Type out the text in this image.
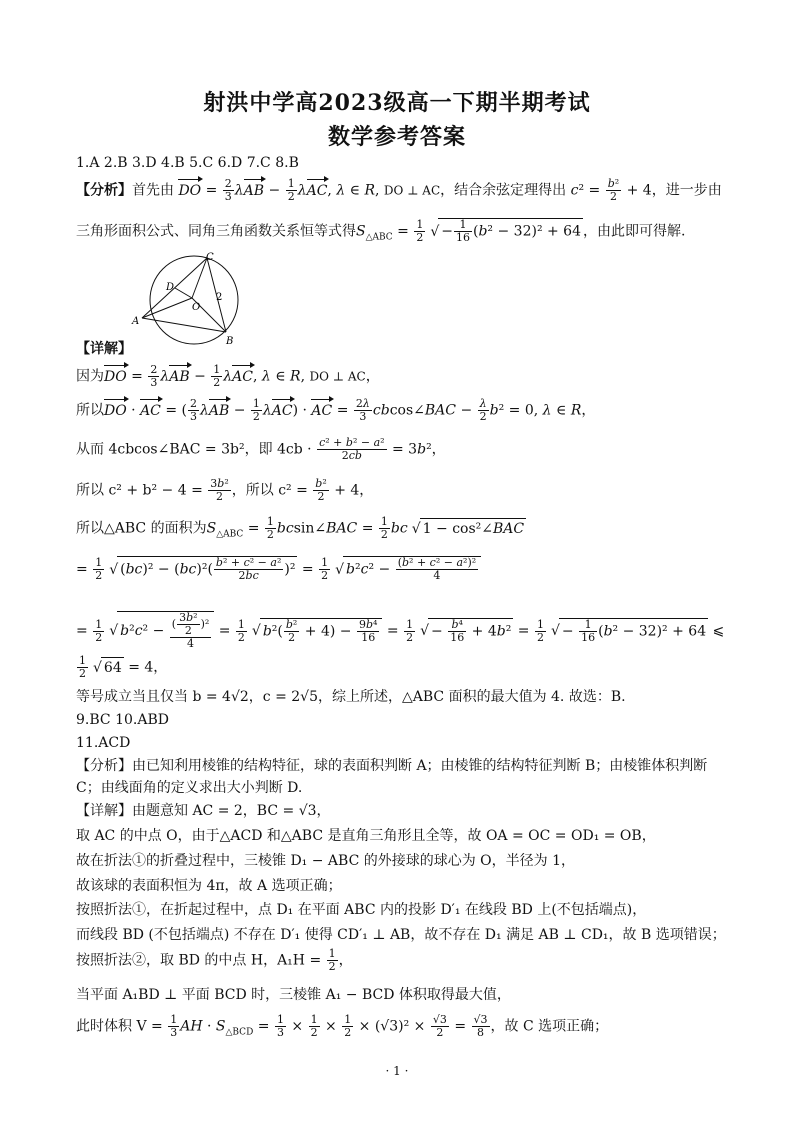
射洪中学高2023级高一下期半期考试
数学参考答案
1.A 2.B 3.D 4.B 5.C 6.D 7.C 8.B
【分析】首先由 DO = $\frac{2}{3}$ $\lambda AB - \frac{1}{2} \lambda AC$, λ ∈ R, DO ⊥ AC，结合余弦定理得出 $c^2 = \frac{\text{b²}}{2} + 4$，进一步由
三角形面积公式、同角三角函数关系恒等式得$S_{\triangle ABC} = \frac{1}{2}$
√ − $\frac{1}{16} (b^2 - 32)^2 + 64$ ，由此即可得解.
C
D
O
A
B
2
【详解】
因为DO = $\frac{2}{3}$ $\lambda AB - \frac{1}{2} \lambda AC$, λ ∈ R, DO ⊥ AC，
所以DO · AC = ( $\frac{2}{3}$ $\lambda AB - \frac{1}{2} \lambda AC$) · AC = $\frac{2\lambda}{3}$ cbcos∠BAC − $\frac{\lambda}{2} b^2 = 0$, λ ∈ R，
从而 4cbcos∠BAC = 3b²，即 $4cb \cdot \frac{\text{c² + b² − a²}}{2cb} = 3b^2$，
所以 $c^2 + b^2 - 4 = \frac{\text{3b²}}{2}$ ，所以 $c^2 = \frac{\text{b²}}{2} + 4$，
所以△ABC 的面积为$S_{\triangle ABC} = \frac{1}{2}$ bcsin∠BAC = $\frac{1}{2} bc√$ 1 − cos²∠BAC
= $\frac{1}{2}$
√ $(bc)^2 - (bc)^2( \frac{\text{b² + c² − a²}}{2bc} )^2 = \frac{1}{2}$
√ $b^2c^2 - \frac{\text{(b² + c² − a²)²}}{4}$
= $\frac{1}{2}$
√ $b^2c^2 - \frac{( \frac{\text{3b²}}{2} )^2}{4} = \frac{1}{2}$
√ $b^2( \frac{\text{b²}}{2} + 4) - \frac{\text{9b⁴}}{16} = \frac{1}{2}$
√ − $\frac{\text{b⁴}}{16} + 4b^2 = \frac{1}{2}$
√ − $\frac{1}{16} (b^2 - 32)^2 + 64$ ⩽
$\frac{1}{2}$
√ 64 = 4，
等号成立当且仅当 b = 4√2，c = 2√5，综上所述，△ABC 面积的最大值为 4. 故选：B.
9.BC 10.ABD
11.ACD
【分析】由已知利用棱锥的结构特征，球的表面积判断 A；由棱锥的结构特征判断 B；由棱锥体积判断
C；由线面角的定义求出大小判断 D.
【详解】由题意知 AC = 2，BC = √3，
取 AC 的中点 O，由于△ACD 和△ABC 是直角三角形且全等，故 OA = OC = OD₁ = OB，
故在折法①的折叠过程中，三棱锥 D₁ − ABC 的外接球的球心为 O，半径为 1，
故该球的表面积恒为 4π，故 A 选项正确；
按照折法①，在折起过程中，点 D₁ 在平面 ABC 内的投影 D′₁ 在线段 BD 上(不包括端点)，
而线段 BD (不包括端点) 不存在 D′₁ 使得 CD′₁ ⊥ AB，故不存在 D₁ 满足 AB ⊥ CD₁，故 B 选项错误；
按照折法②，取 BD 的中点 H，$A_1H = \frac{1}{2}$ ，
当平面 A₁BD ⊥ 平面 BCD 时，三棱锥 A₁ − BCD 体积取得最大值，
此时体积 $V = \frac{1}{3}$ AH · $S_{\triangle BCD} = \frac{1}{3} \times \frac{1}{2} \times \frac{1}{2} \times (√3)^2 \times \frac{√3}{2} = \frac{√3}{8}$ ，故 C 选项正确；
· 1 ·
